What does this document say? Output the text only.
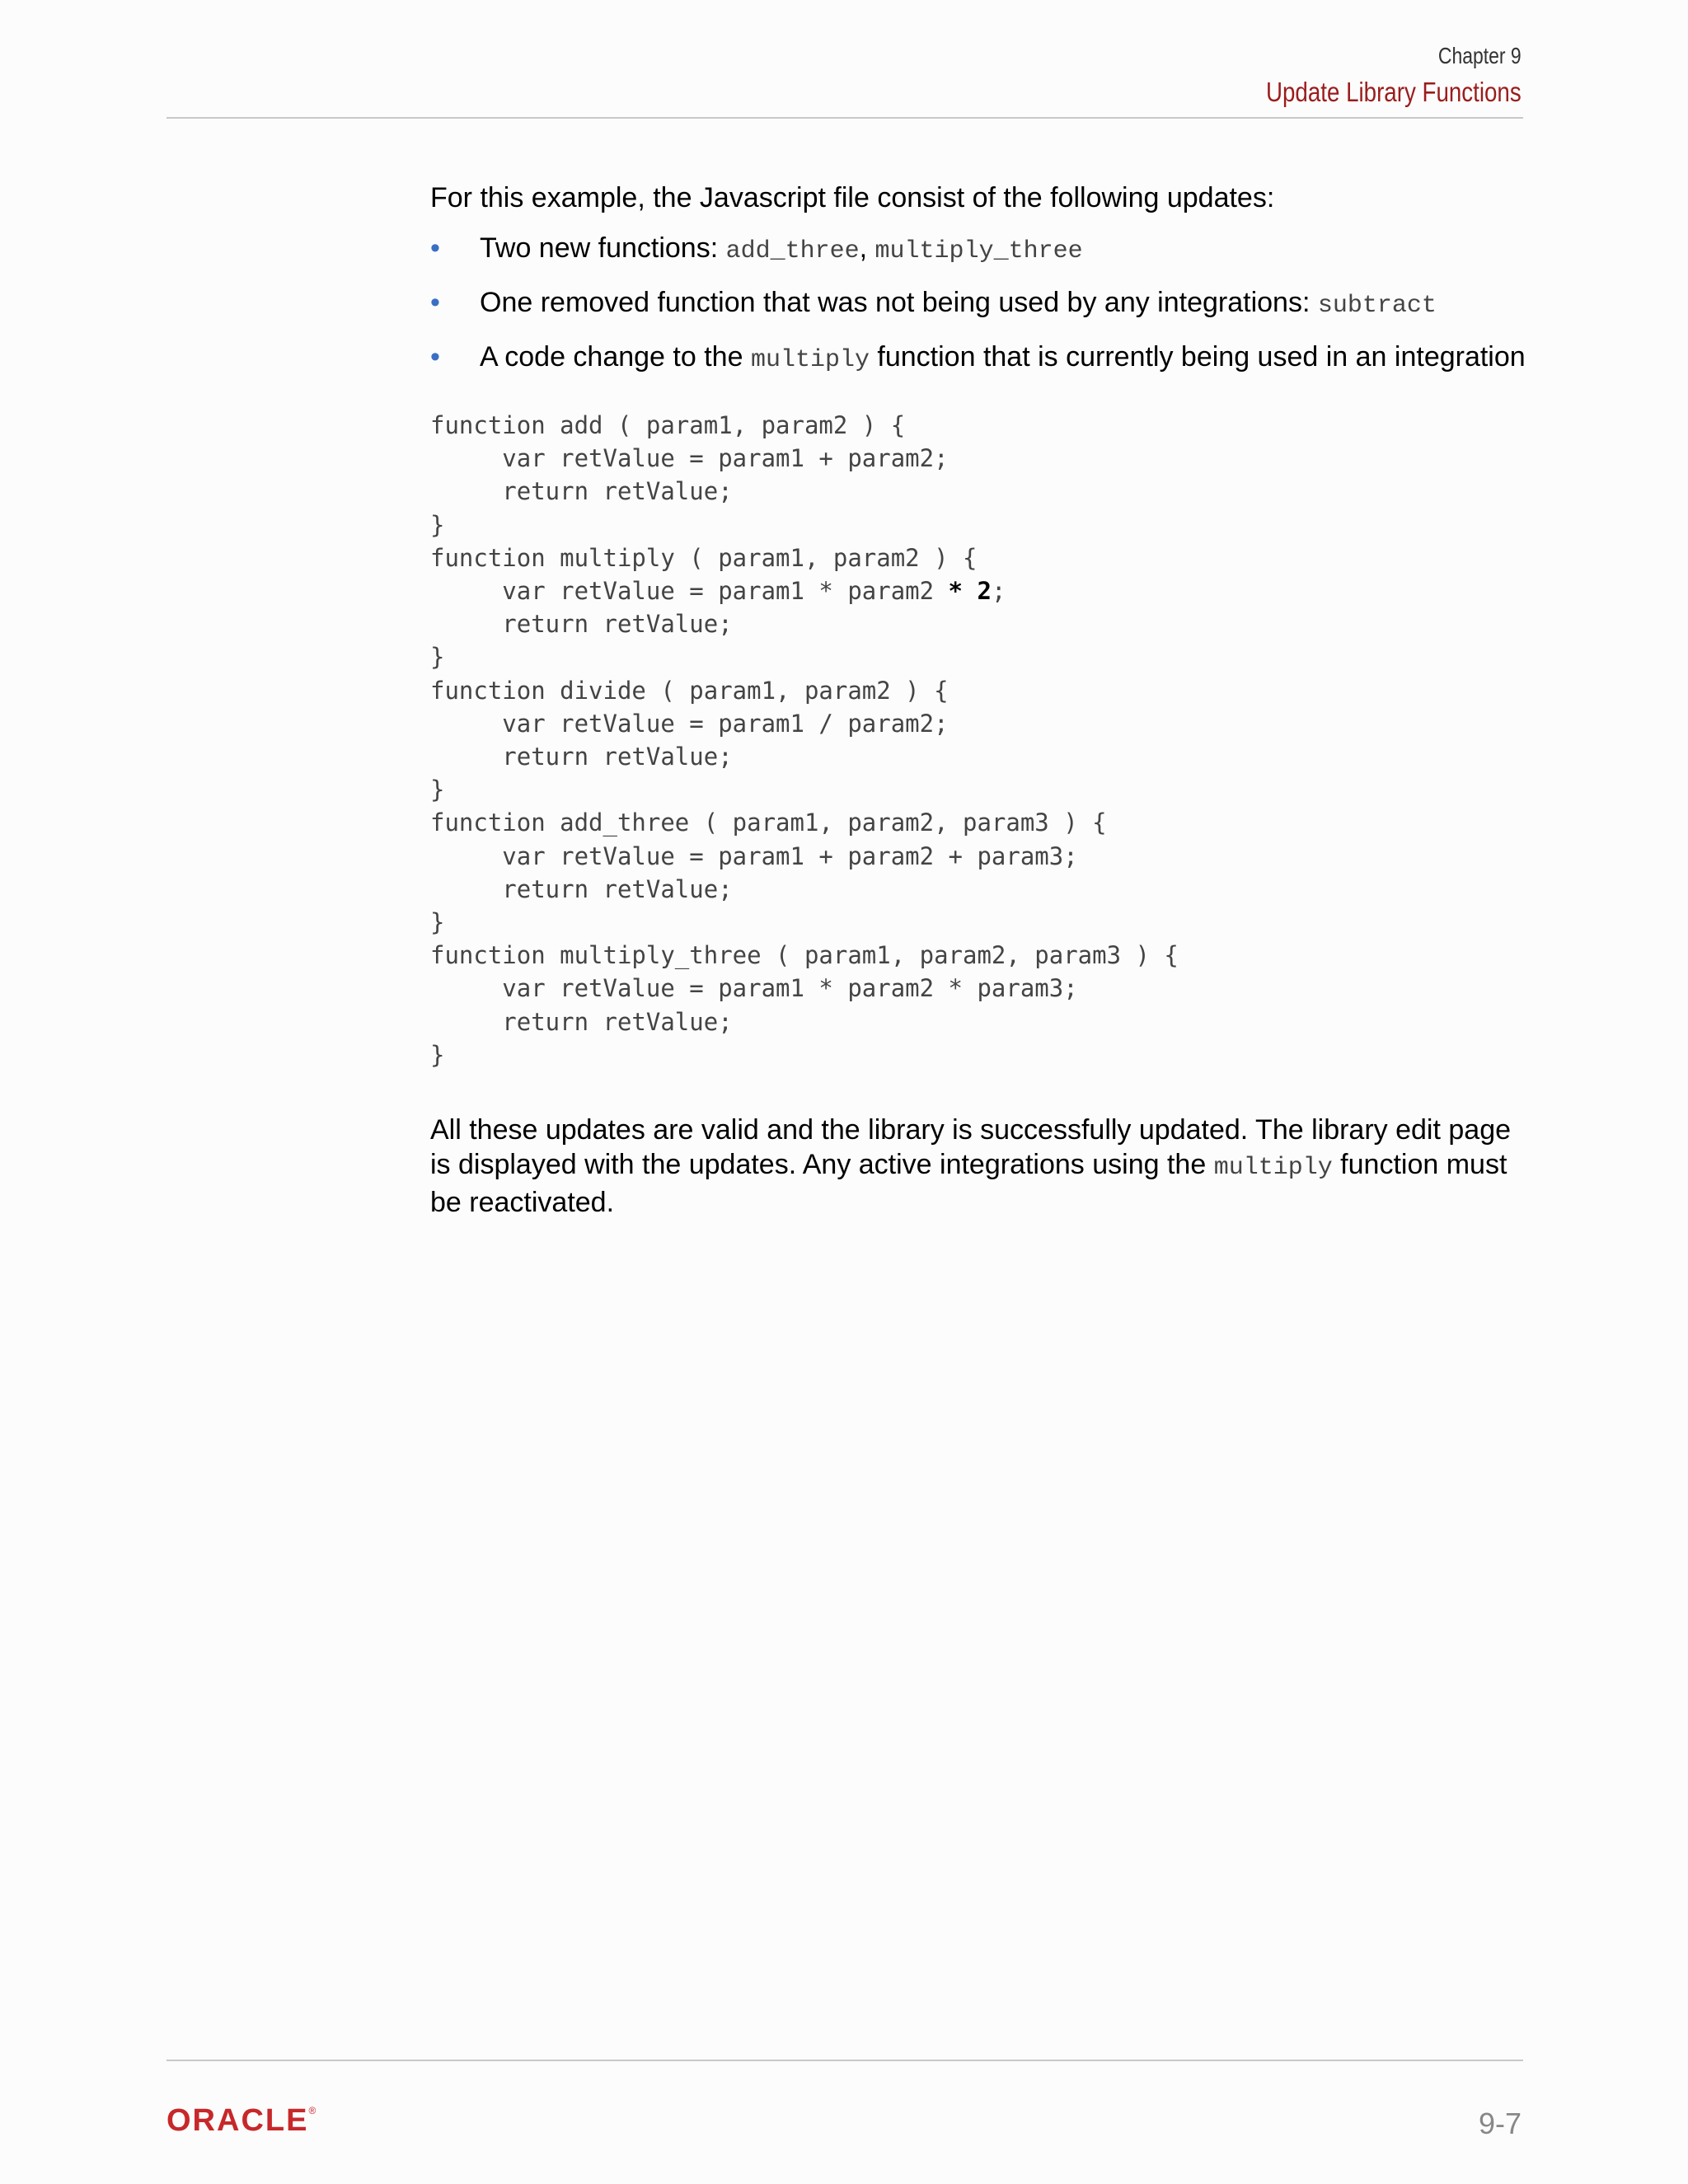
Chapter 9
Update Library Functions

For this example, the Javascript file consist of the following updates:

• Two new functions: add_three, multiply_three
• One removed function that was not being used by any integrations: subtract
• A code change to the multiply function that is currently being used in an integration
function add ( param1, param2 ) {
var retValue = param1 + param2;
return retValue;
}
function multiply ( param1, param2 ) {
var retValue = param1 * param2 * 2;
return retValue;
}
function divide ( param1, param2 ) {
var retValue = param1 / param2;
return retValue;
}
function add_three ( param1, param2, param3 ) {
var retValue = param1 + param2 + param3;
return retValue;
}
function multiply_three ( param1, param2, param3 ) {
var retValue = param1 * param2 * param3;
return retValue;
}

All these updates are valid and the library is successfully updated. The library edit page is displayed with the updates. Any active integrations using the multiply function must be reactivated.

ORACLE®	9-7
